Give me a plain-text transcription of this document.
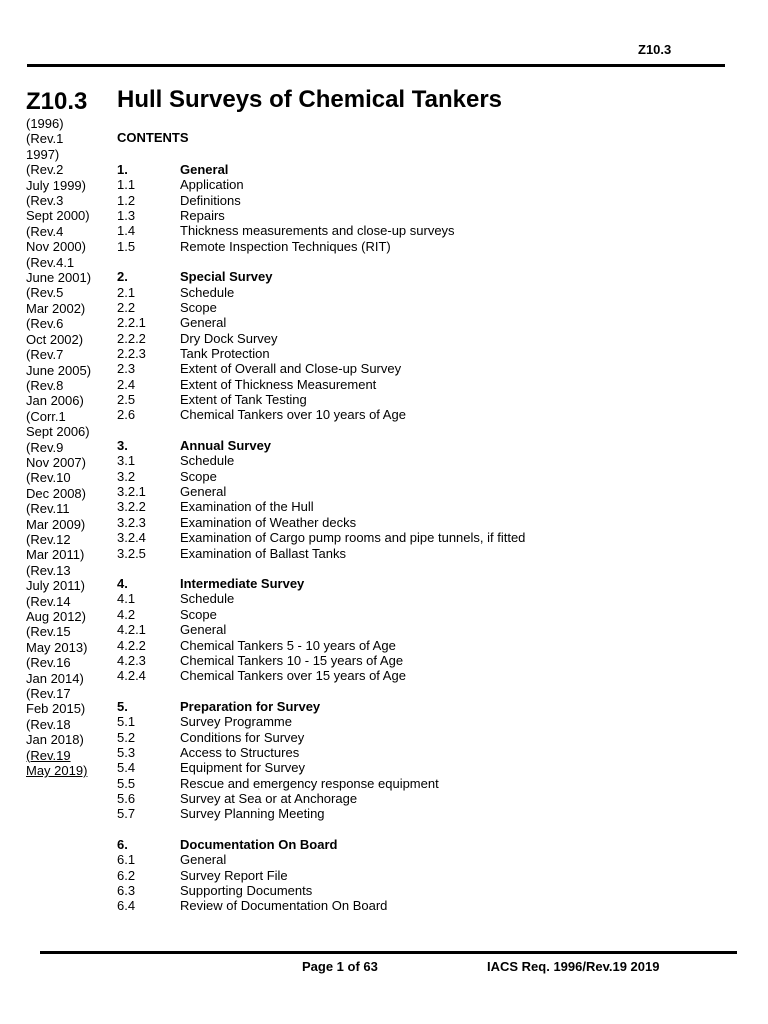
Z10.3
Z10.3 Hull Surveys of Chemical Tankers
(1996)
(Rev.1
1997)
(Rev.2
July 1999)
(Rev.3
Sept 2000)
(Rev.4
Nov 2000)
(Rev.4.1
June 2001)
(Rev.5
Mar 2002)
(Rev.6
Oct 2002)
(Rev.7
June 2005)
(Rev.8
Jan 2006)
(Corr.1
Sept 2006)
(Rev.9
Nov 2007)
(Rev.10
Dec 2008)
(Rev.11
Mar 2009)
(Rev.12
Mar 2011)
(Rev.13
July 2011)
(Rev.14
Aug 2012)
(Rev.15
May 2013)
(Rev.16
Jan 2014)
(Rev.17
Feb 2015)
(Rev.18
Jan 2018)
(Rev.19
May 2019)
CONTENTS
1.	General
1.1	Application
1.2	Definitions
1.3	Repairs
1.4	Thickness measurements and close-up surveys
1.5	Remote Inspection Techniques (RIT)
2.	Special Survey
2.1	Schedule
2.2	Scope
2.2.1	General
2.2.2	Dry Dock Survey
2.2.3	Tank Protection
2.3	Extent of Overall and Close-up Survey
2.4	Extent of Thickness Measurement
2.5	Extent of Tank Testing
2.6	Chemical Tankers over 10 years of Age
3.	Annual Survey
3.1	Schedule
3.2	Scope
3.2.1	General
3.2.2	Examination of the Hull
3.2.3	Examination of Weather decks
3.2.4	Examination of Cargo pump rooms and pipe tunnels, if fitted
3.2.5	Examination of Ballast Tanks
4.	Intermediate Survey
4.1	Schedule
4.2	Scope
4.2.1	General
4.2.2	Chemical Tankers 5 - 10 years of Age
4.2.3	Chemical Tankers 10 - 15 years of Age
4.2.4	Chemical Tankers over 15 years of Age
5.	Preparation for Survey
5.1	Survey Programme
5.2	Conditions for Survey
5.3	Access to Structures
5.4	Equipment for Survey
5.5	Rescue and emergency response equipment
5.6	Survey at Sea or at Anchorage
5.7	Survey Planning Meeting
6.	Documentation On Board
6.1	General
6.2	Survey Report File
6.3	Supporting Documents
6.4	Review of Documentation On Board
Page 1 of 63	IACS Req. 1996/Rev.19 2019
